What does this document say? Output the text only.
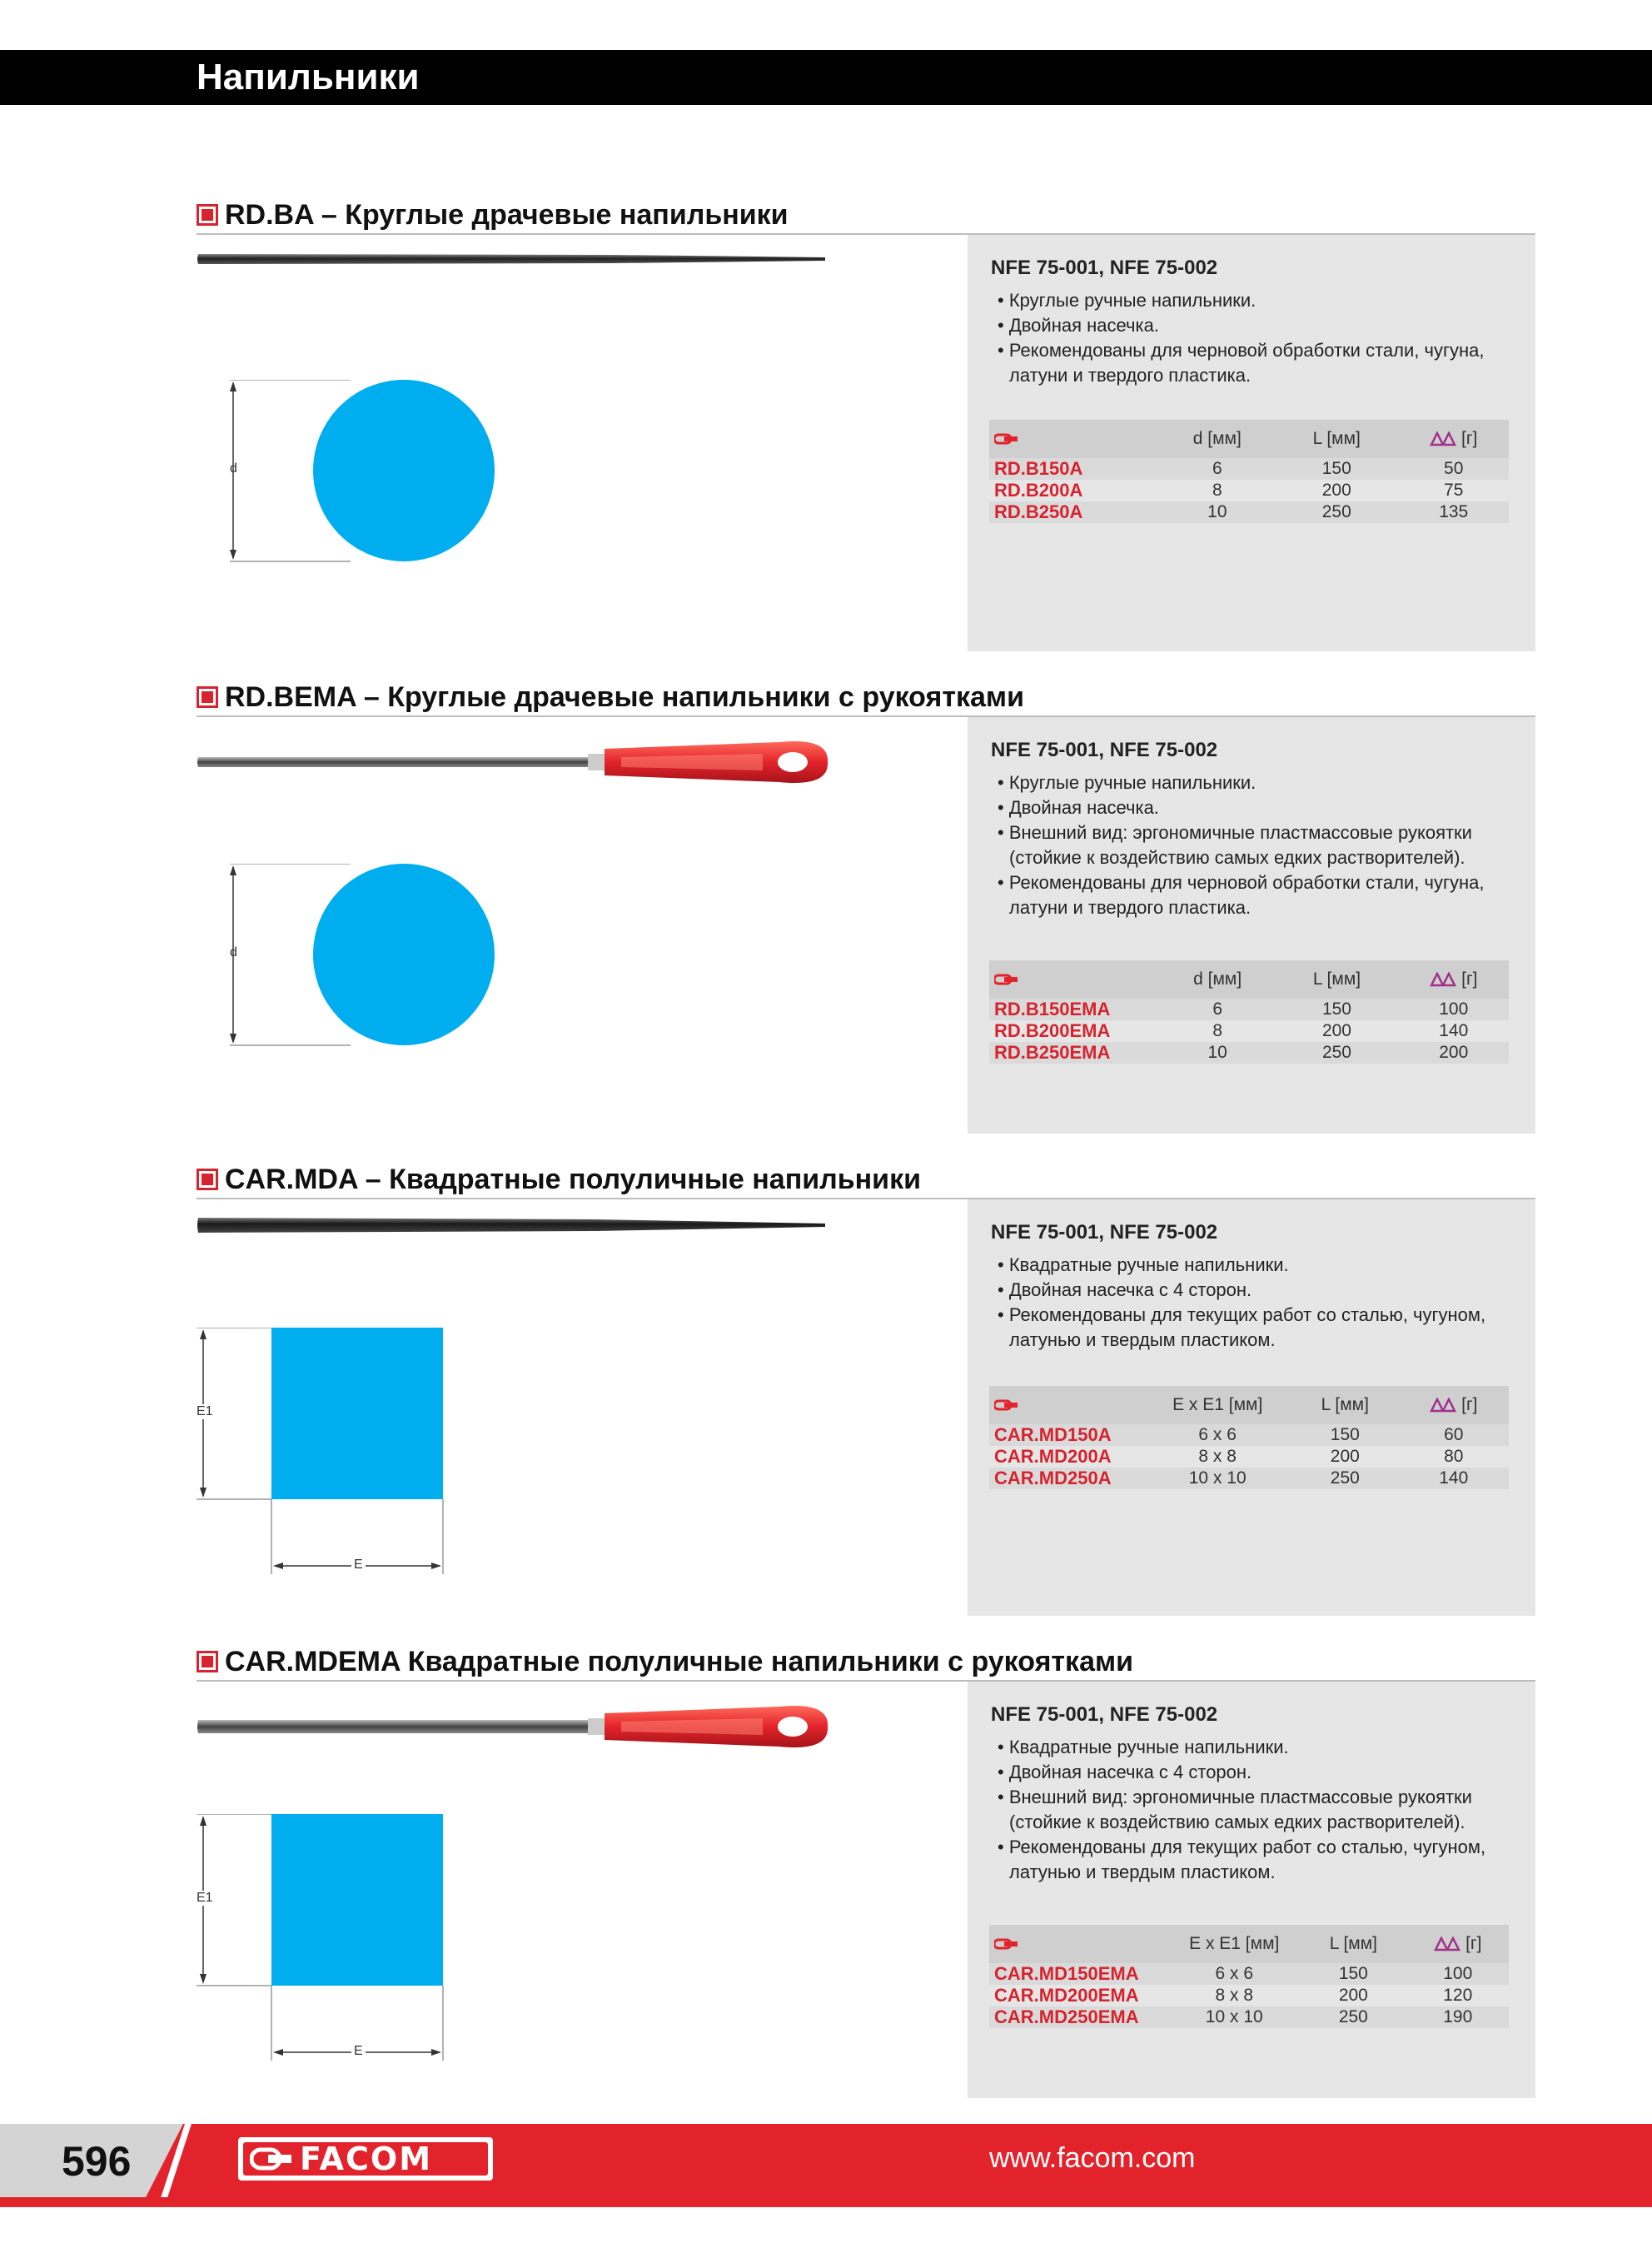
Напильники
RD.BA – Круглые драчевые напильники
d
NFE 75-001, NFE 75-002
• Круглые ручные напильники.
• Двойная насечка.
• Рекомендованы для черновой обработки стали, чугуна, латуни и твердого пластика.
	d [мм]	L [мм]	[г]
RD.B150A	6	150	50
RD.B200A	8	200	75
RD.B250A	10	250	135
RD.BEMA – Круглые драчевые напильники с рукоятками
d
NFE 75-001, NFE 75-002
• Круглые ручные напильники.
• Двойная насечка.
• Внешний вид: эргономичные пластмассовые рукоятки (стойкие к воздействию самых едких растворителей).
• Рекомендованы для черновой обработки стали, чугуна, латуни и твердого пластика.
	d [мм]	L [мм]	[г]
RD.B150EMA	6	150	100
RD.B200EMA	8	200	140
RD.B250EMA	10	250	200
CAR.MDA – Квадратные полуличные напильники
E1
E
NFE 75-001, NFE 75-002
• Квадратные ручные напильники.
• Двойная насечка с 4 сторон.
• Рекомендованы для текущих работ со сталью, чугуном, латунью и твердым пластиком.
	E x E1 [мм]	L [мм]	[г]
CAR.MD150A	6 x 6	150	60
CAR.MD200A	8 x 8	200	80
CAR.MD250A	10 x 10	250	140
CAR.MDEMA Квадратные полуличные напильники с рукоятками
E1
E
NFE 75-001, NFE 75-002
• Квадратные ручные напильники.
• Двойная насечка с 4 сторон.
• Внешний вид: эргономичные пластмассовые рукоятки (стойкие к воздействию самых едких растворителей).
• Рекомендованы для текущих работ со сталью, чугуном, латунью и твердым пластиком.
	E x E1 [мм]	L [мм]	[г]
CAR.MD150EMA	6 x 6	150	100
CAR.MD200EMA	8 x 8	200	120
CAR.MD250EMA	10 x 10	250	190
596	FACOM	www.facom.com
